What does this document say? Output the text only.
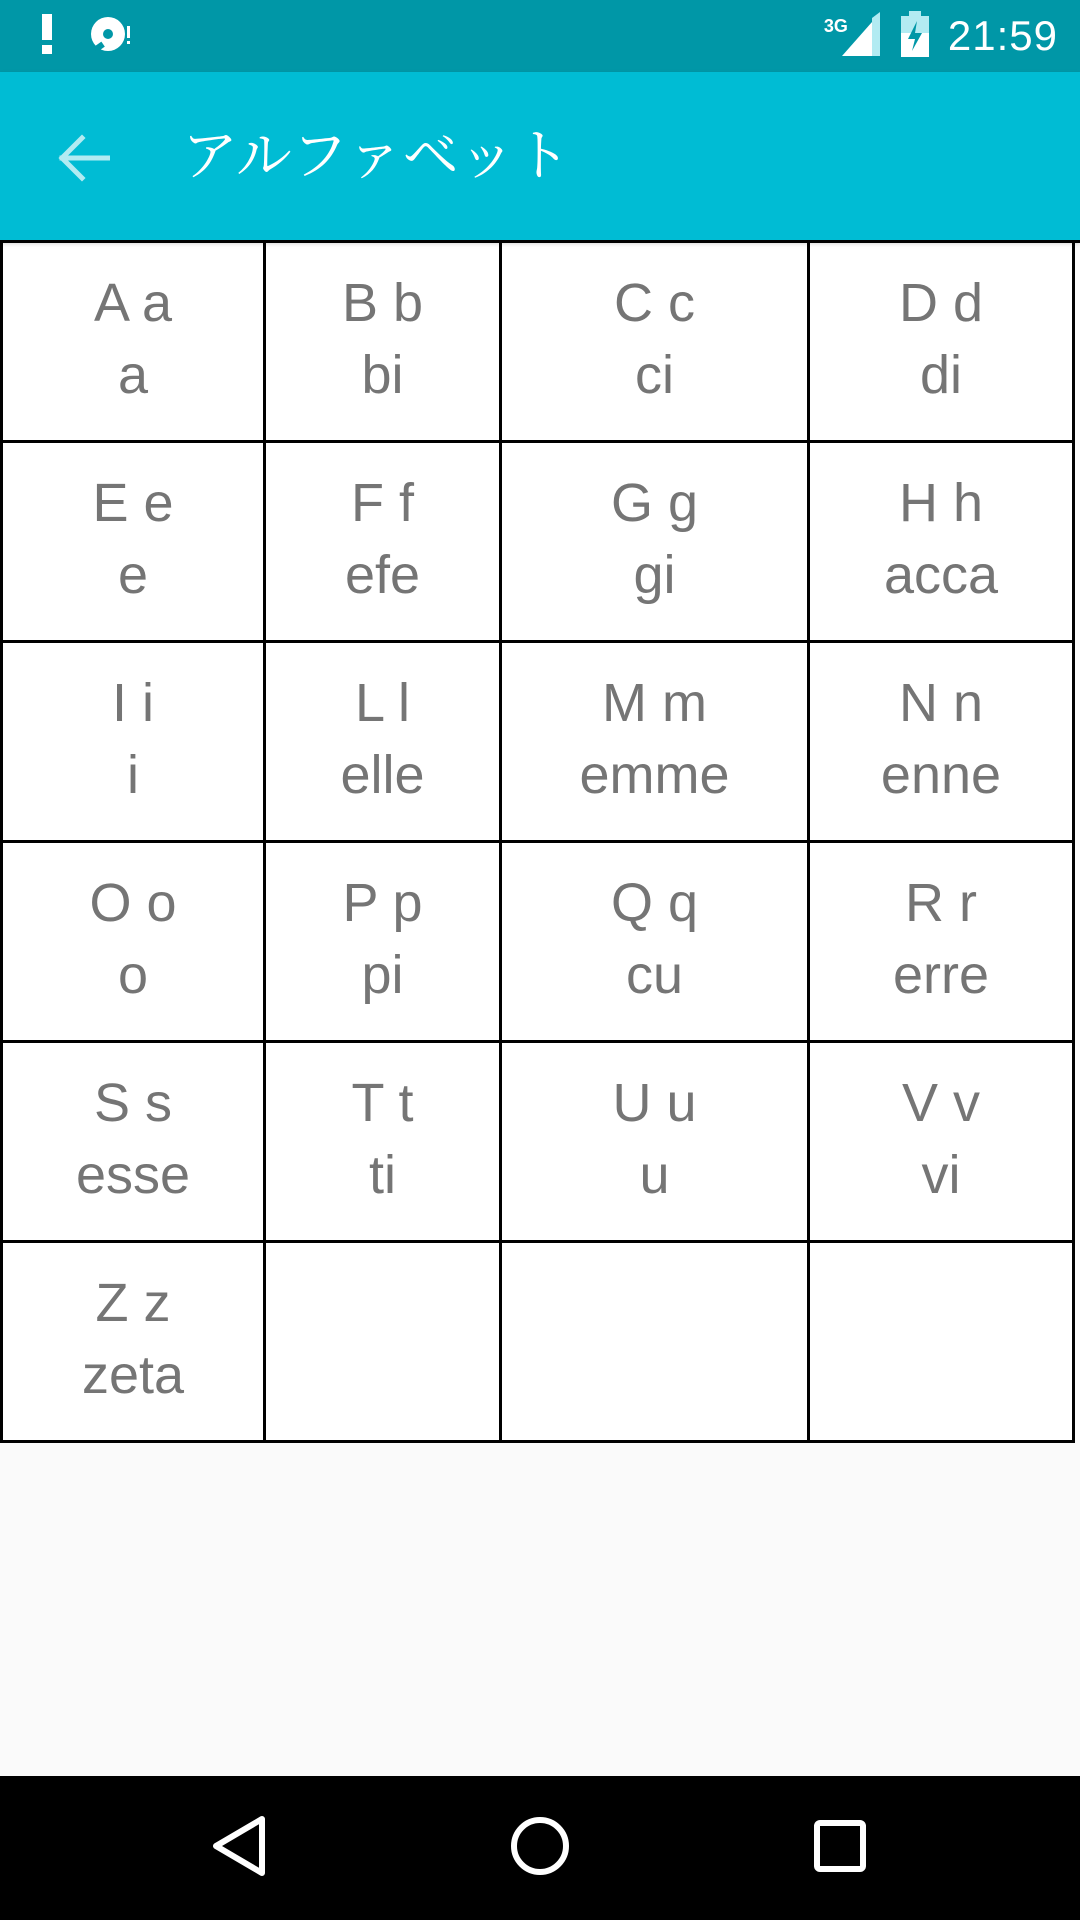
3G 21:59
アルファベット
A a
a
B b
bi
C c
ci
D d
di
E e
e
F f
efe
G g
gi
H h
acca
I i
i
L l
elle
M m
emme
N n
enne
O o
o
P p
pi
Q q
cu
R r
erre
S s
esse
T t
ti
U u
u
V v
vi
Z z
zeta
